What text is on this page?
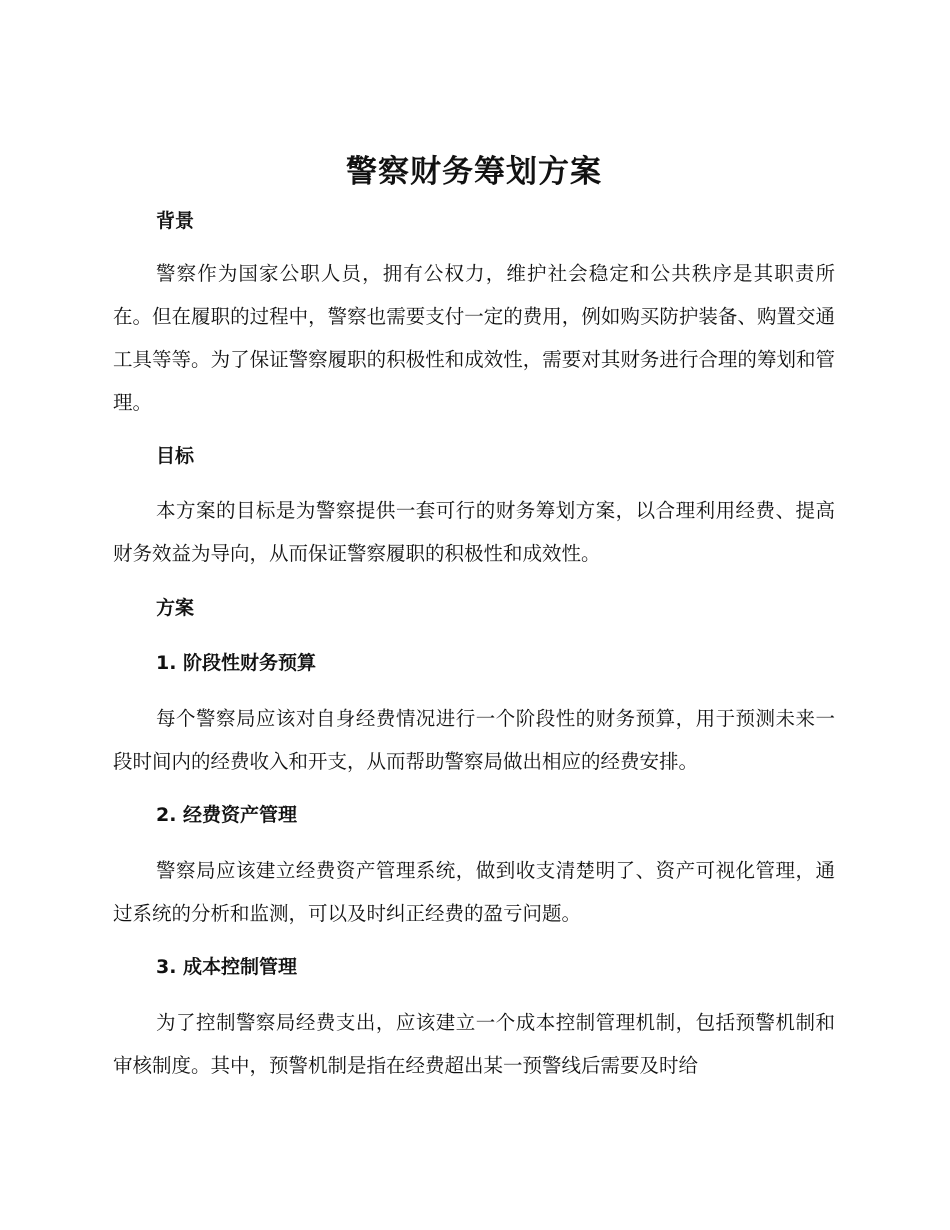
警察财务筹划方案
背景

警察作为国家公职人员，拥有公权力，维护社会稳定和公共秩序是其职责所在。但在履职的过程中，警察也需要支付一定的费用，例如购买防护装备、购置交通工具等等。为了保证警察履职的积极性和成效性，需要对其财务进行合理的筹划和管理。

目标

本方案的目标是为警察提供一套可行的财务筹划方案，以合理利用经费、提高财务效益为导向，从而保证警察履职的积极性和成效性。

方案
1. 阶段性财务预算

每个警察局应该对自身经费情况进行一个阶段性的财务预算，用于预测未来一段时间内的经费收入和开支，从而帮助警察局做出相应的经费安排。

2. 经费资产管理

警察局应该建立经费资产管理系统，做到收支清楚明了、资产可视化管理，通过系统的分析和监测，可以及时纠正经费的盈亏问题。

3. 成本控制管理

为了控制警察局经费支出，应该建立一个成本控制管理机制，包括预警机制和审核制度。其中，预警机制是指在经费超出某一预警线后需要及时给
